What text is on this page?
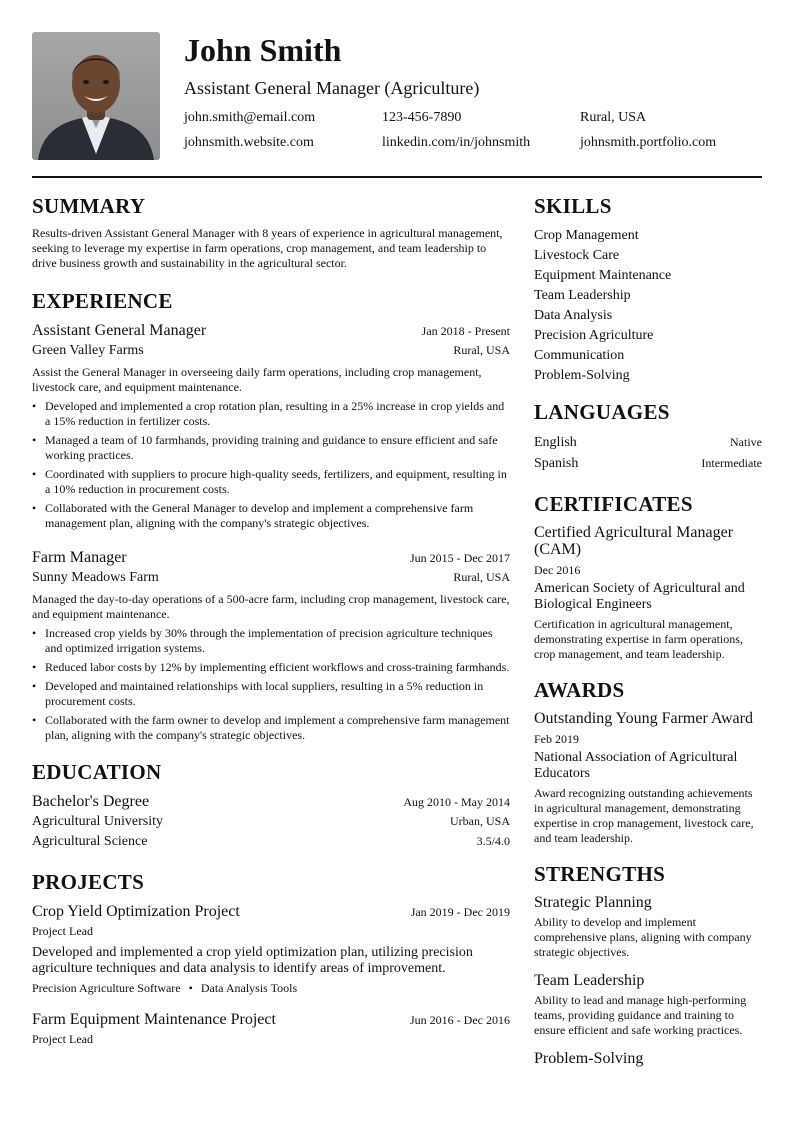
John Smith
Assistant General Manager (Agriculture)
john.smith@email.com	123-456-7890	Rural, USA
johnsmith.website.com	linkedin.com/in/johnsmith	johnsmith.portfolio.com
SUMMARY
Results-driven Assistant General Manager with 8 years of experience in agricultural management, seeking to leverage my expertise in farm operations, crop management, and team leadership to drive business growth and sustainability in the agricultural sector.
EXPERIENCE
Assistant General Manager	Jan 2018 - Present
Green Valley Farms	Rural, USA
Assist the General Manager in overseeing daily farm operations, including crop management, livestock care, and equipment maintenance.
• Developed and implemented a crop rotation plan, resulting in a 25% increase in crop yields and a 15% reduction in fertilizer costs.
• Managed a team of 10 farmhands, providing training and guidance to ensure efficient and safe working practices.
• Coordinated with suppliers to procure high-quality seeds, fertilizers, and equipment, resulting in a 10% reduction in procurement costs.
• Collaborated with the General Manager to develop and implement a comprehensive farm management plan, aligning with the company's strategic objectives.
Farm Manager	Jun 2015 - Dec 2017
Sunny Meadows Farm	Rural, USA
Managed the day-to-day operations of a 500-acre farm, including crop management, livestock care, and equipment maintenance.
• Increased crop yields by 30% through the implementation of precision agriculture techniques and optimized irrigation systems.
• Reduced labor costs by 12% by implementing efficient workflows and cross-training farmhands.
• Developed and maintained relationships with local suppliers, resulting in a 5% reduction in procurement costs.
• Collaborated with the farm owner to develop and implement a comprehensive farm management plan, aligning with the company's strategic objectives.
EDUCATION
Bachelor's Degree	Aug 2010 - May 2014
Agricultural University	Urban, USA
Agricultural Science	3.5/4.0
PROJECTS
Crop Yield Optimization Project	Jan 2019 - Dec 2019
Project Lead
Developed and implemented a crop yield optimization plan, utilizing precision agriculture techniques and data analysis to identify areas of improvement.
Precision Agriculture Software • Data Analysis Tools
Farm Equipment Maintenance Project	Jun 2016 - Dec 2016
Project Lead
SKILLS
Crop Management
Livestock Care
Equipment Maintenance
Team Leadership
Data Analysis
Precision Agriculture
Communication
Problem-Solving
LANGUAGES
English	Native
Spanish	Intermediate
CERTIFICATES
Certified Agricultural Manager (CAM)
Dec 2016
American Society of Agricultural and Biological Engineers
Certification in agricultural management, demonstrating expertise in farm operations, crop management, and team leadership.
AWARDS
Outstanding Young Farmer Award
Feb 2019
National Association of Agricultural Educators
Award recognizing outstanding achievements in agricultural management, demonstrating expertise in crop management, livestock care, and team leadership.
STRENGTHS
Strategic Planning
Ability to develop and implement comprehensive plans, aligning with company strategic objectives.
Team Leadership
Ability to lead and manage high-performing teams, providing guidance and training to ensure efficient and safe working practices.
Problem-Solving
